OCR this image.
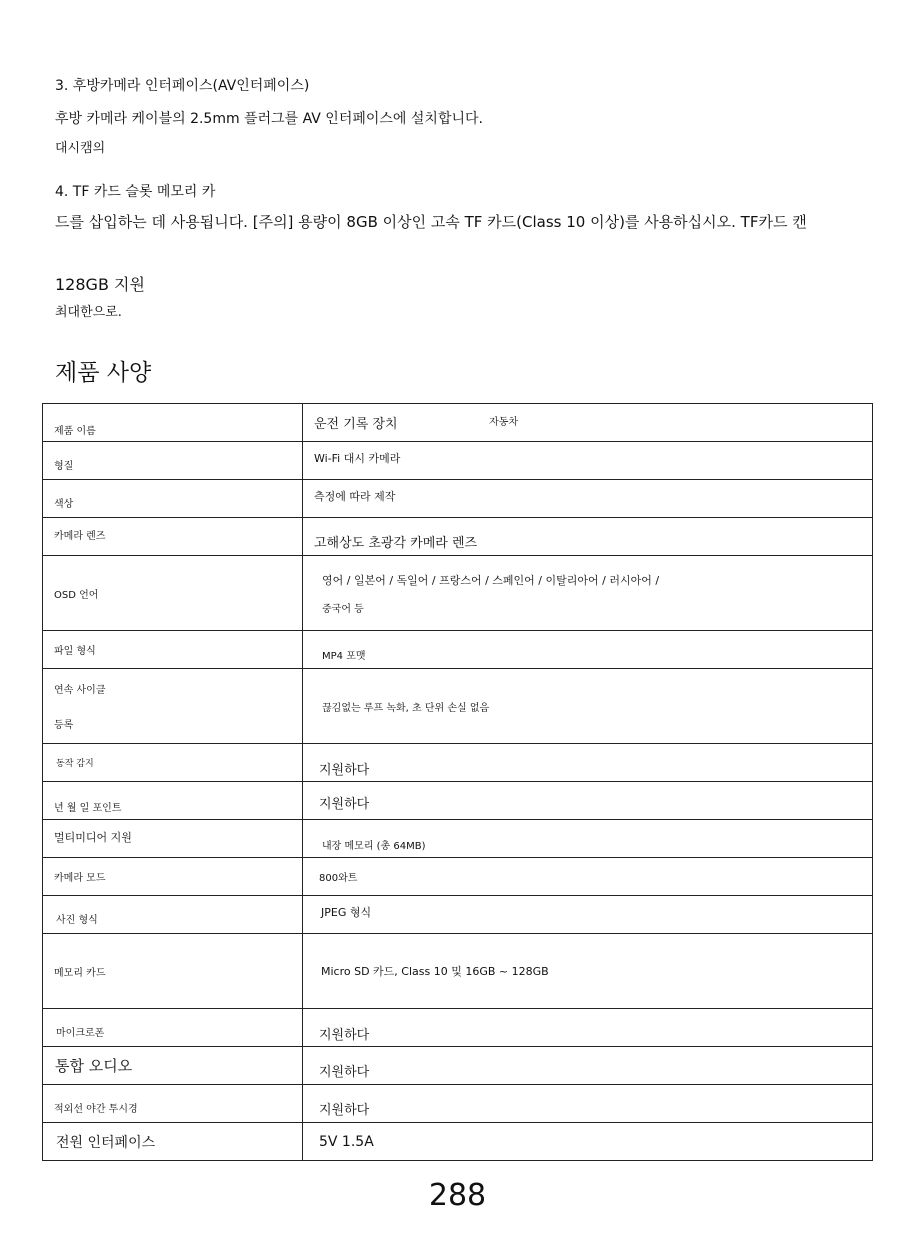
3. 후방카메라 인터페이스(AV인터페이스)
후방 카메라 케이블의 2.5mm 플러그를 AV 인터페이스에 설치합니다.
대시캠의
4. TF 카드 슬롯 메모리 카
드를 삽입하는 데 사용됩니다. [주의] 용량이 8GB 이상인 고속 TF 카드(Class 10 이상)를 사용하십시오. TF카드 캔
128GB 지원
최대한으로.
제품 사양
제품 이름	운전 기록 장치 자동차
형질	Wi-Fi 대시 카메라
색상	측정에 따라 제작
카메라 렌즈	고해상도 초광각 카메라 렌즈
OSD 언어	영어 / 일본어 / 독일어 / 프랑스어 / 스페인어 / 이탈리아어 / 러시아어 /
중국어 등

파일 형식	MP4 포맷

연속 사이클
등록	끊김없는 루프 녹화, 초 단위 손실 없음
동작 감지	지원하다
년 월 일 포인트	지원하다
멀티미디어 지원	내장 메모리 (총 64MB)
카메라 모드	800와트
사진 형식	JPEG 형식
메모리 카드	Micro SD 카드, Class 10 및 16GB ~ 128GB
마이크로폰	지원하다
통합 오디오	지원하다
적외선 야간 투시경	지원하다
전원 인터페이스	5V 1.5A
288
